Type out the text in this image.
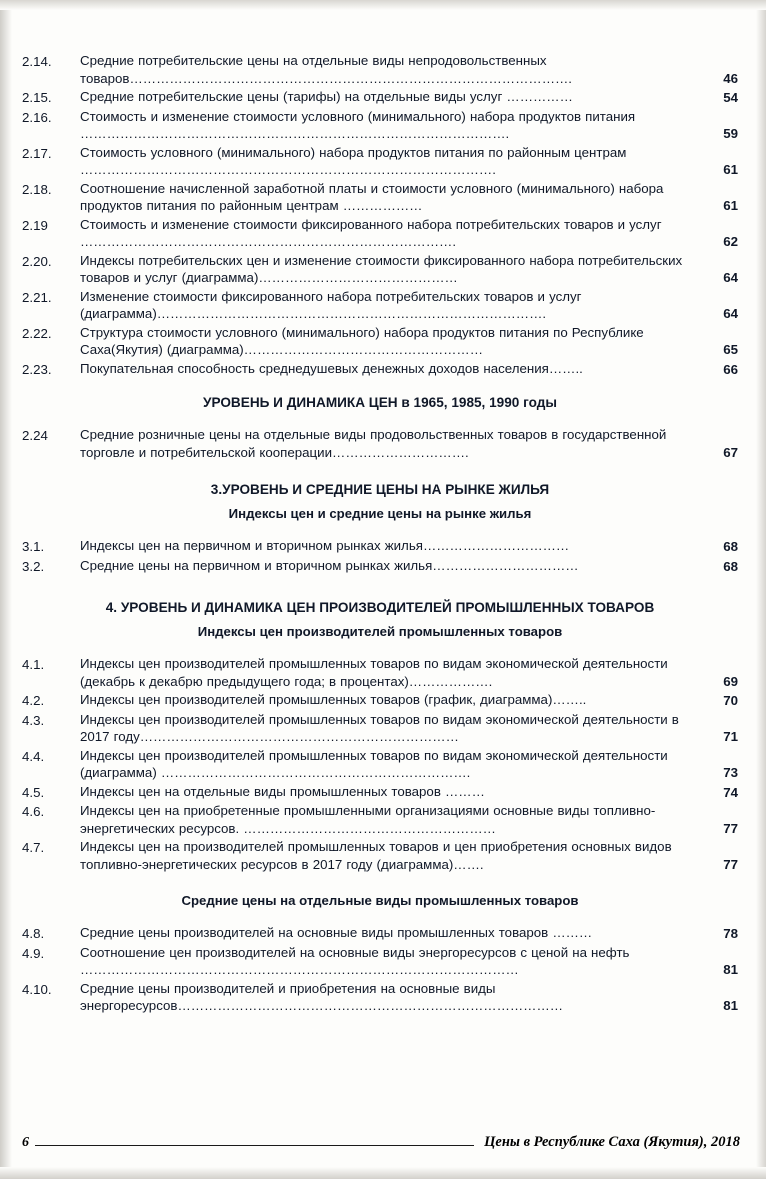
2.14.	Средние потребительские цены на отдельные виды непродовольственных товаров……………………………………………………………………………………….	46
2.15.	Средние потребительские цены (тарифы) на отдельные виды услуг ……………	54
2.16.	Стоимость и изменение стоимости условного (минимального) набора продуктов питания …………………………………………………………………………………….	59
2.17.	Стоимость условного (минимального) набора продуктов питания по районным центрам ………………………………………………………………………………….	61
2.18.	Соотношение начисленной заработной платы и стоимости условного (минимального) набора продуктов питания по районным центрам ………………	61
2.19	Стоимость и изменение стоимости фиксированного набора потребительских товаров и услуг ………………………………………………………………………….	62
2.20.	Индексы потребительских цен и изменение стоимости фиксированного набора потребительских товаров и услуг (диаграмма)………………………………………	64
2.21.	Изменение стоимости фиксированного набора потребительских товаров и услуг (диаграмма)…………………………………………………………………………….	64
2.22.	Структура стоимости условного (минимального) набора продуктов питания по Республике Саха(Якутия) (диаграмма)………………………………………………	65
2.23.	Покупательная способность среднедушевых денежных доходов населения……..	66
УРОВЕНЬ И ДИНАМИКА ЦЕН в 1965, 1985, 1990 годы
2.24	Средние розничные цены на отдельные виды продовольственных товаров в государственной торговле и потребительской кооперации………………………….	67
3.УРОВЕНЬ И СРЕДНИЕ ЦЕНЫ НА РЫНКЕ ЖИЛЬЯ
Индексы цен и средние цены на рынке жилья
3.1.	Индексы цен на первичном и вторичном рынках жилья……………………………	68
3.2.	Средние цены на первичном и вторичном рынках жилья……………………………	68
4. УРОВЕНЬ И ДИНАМИКА ЦЕН ПРОИЗВОДИТЕЛЕЙ ПРОМЫШЛЕННЫХ ТОВАРОВ
Индексы цен производителей промышленных товаров
4.1.	Индексы цен производителей промышленных товаров по видам экономической деятельности (декабрь к декабрю предыдущего года; в процентах)……………….	69
4.2.	Индексы цен производителей промышленных товаров (график, диаграмма)……..	70
4.3.	Индексы цен производителей промышленных товаров по видам экономической деятельности в 2017 году………………………………………………………………	71
4.4.	Индексы цен производителей промышленных товаров по видам экономической деятельности (диаграмма) …………………………………………………………….	73
4.5.	Индексы цен на отдельные виды промышленных товаров ………	74
4.6.	Индексы цен на приобретенные промышленными организациями основные виды топливно- энергетических ресурсов. …………………………………………………	77
4.7.	Индексы цен на производителей промышленных товаров и цен приобретения основных видов топливно-энергетических ресурсов в 2017 году (диаграмма)…….	77
Средние цены на отдельные виды промышленных товаров
4.8.	Средние цены производителей на основные виды промышленных товаров ………	78
4.9.	Соотношение цен производителей на основные виды энергоресурсов с ценой на нефть ………………………………………………………………………………………	81
4.10.	Средние цены производителей и приобретения на основные виды энергоресурсов……………………………………………………………………………	81
6	Цены в Республике Саха (Якутия), 2018
